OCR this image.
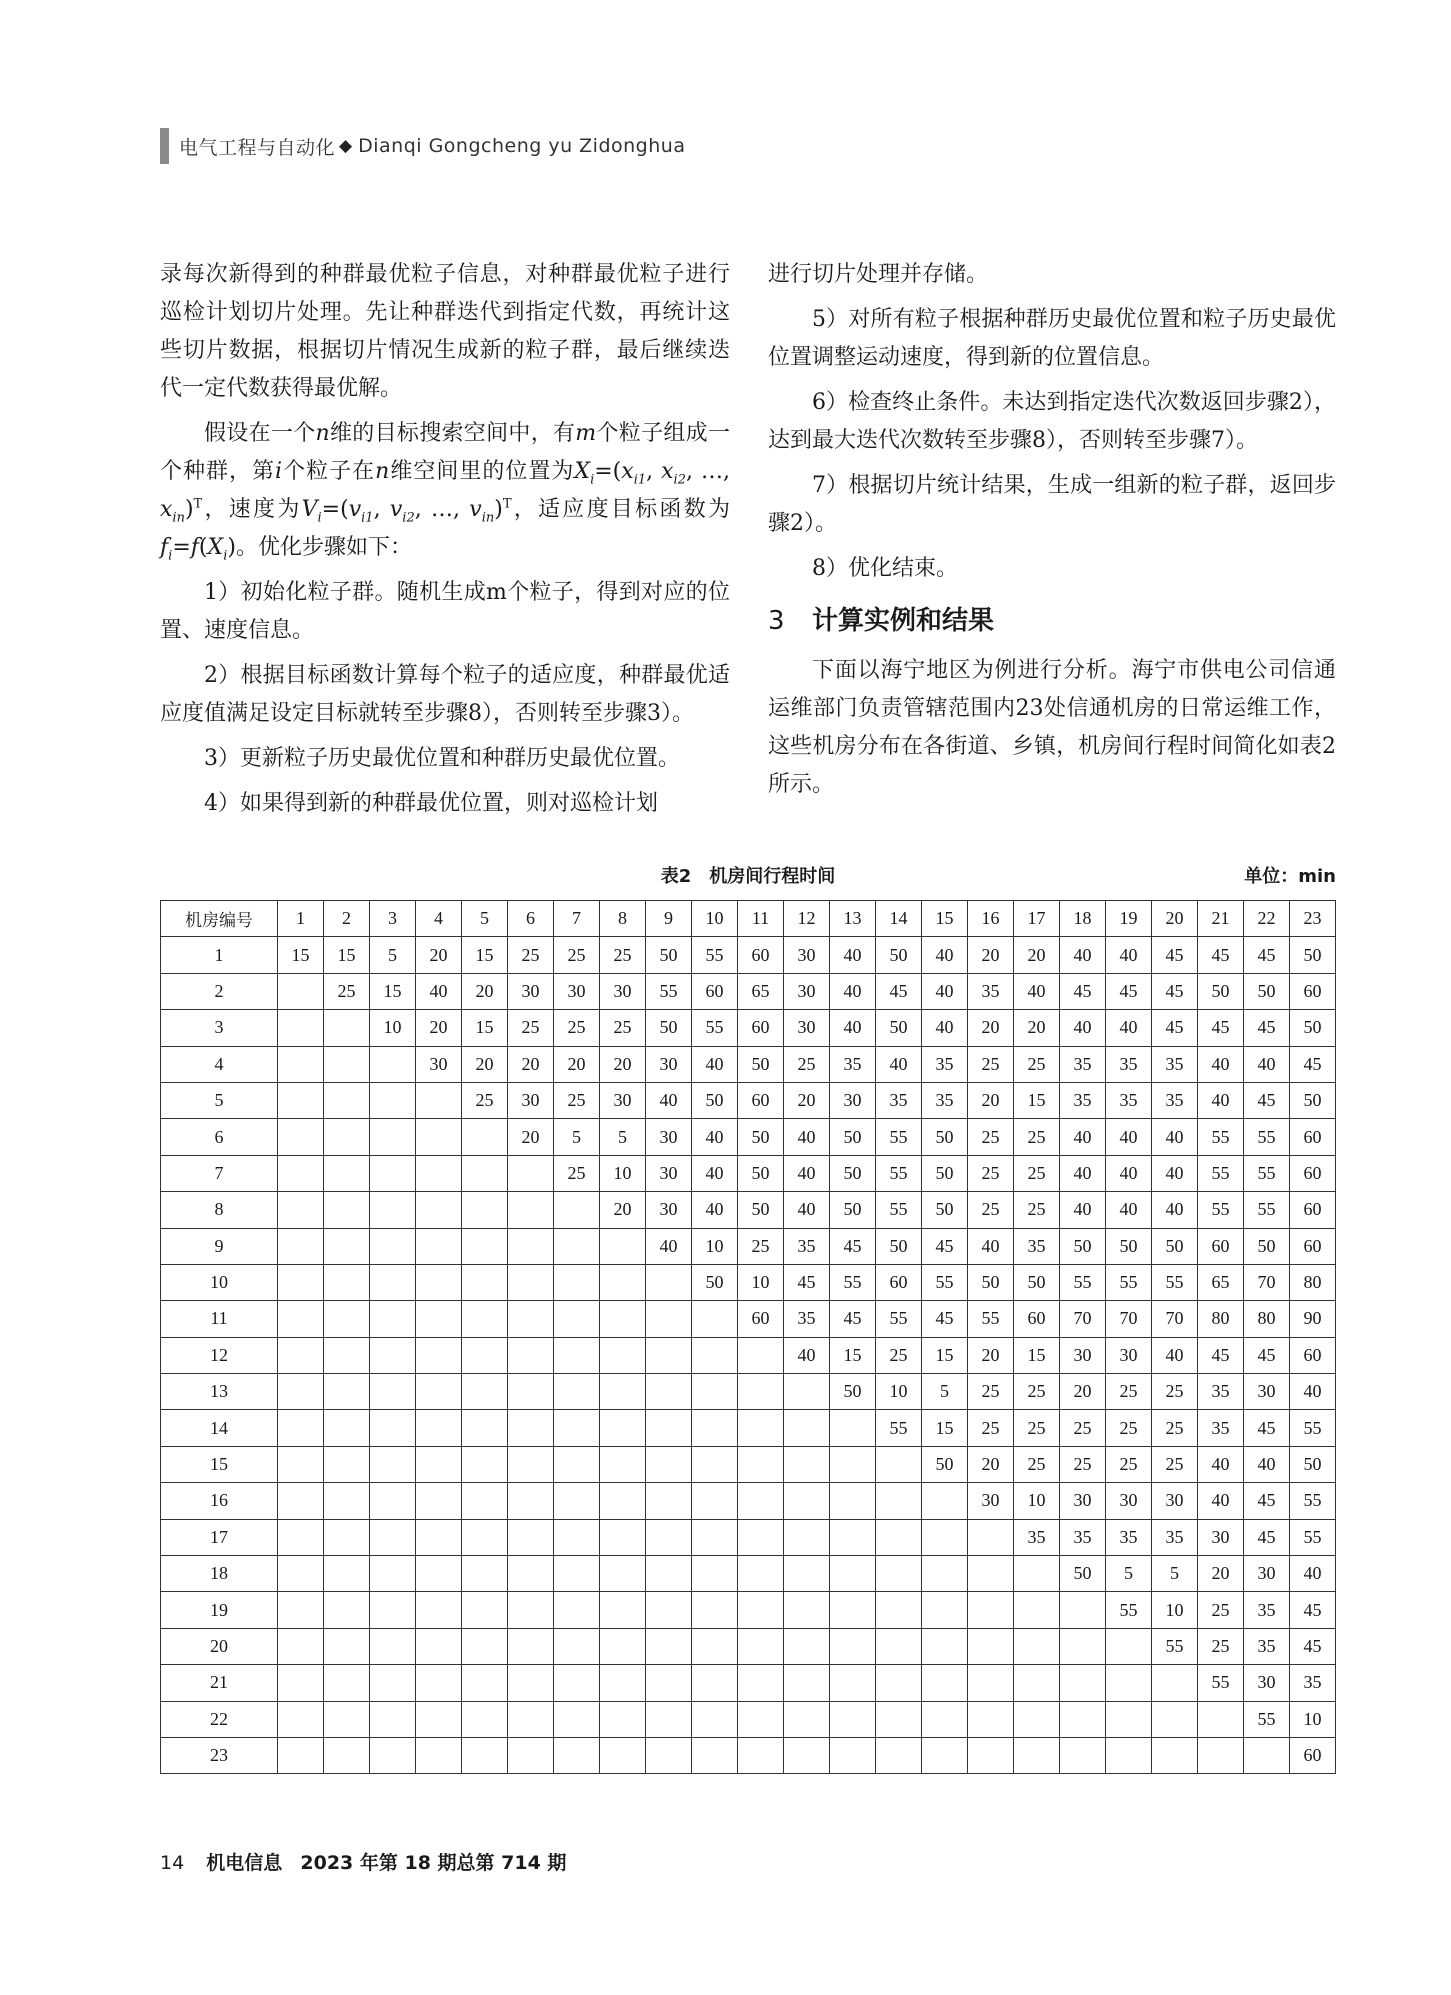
电气工程与自动化 ◆ Dianqi Gongcheng yu Zidonghua

录每次新得到的种群最优粒子信息，对种群最优粒子进行巡检计划切片处理。先让种群迭代到指定代数，再统计这些切片数据，根据切片情况生成新的粒子群，最后继续迭代一定代数获得最优解。

假设在一个n维的目标搜索空间中，有m个粒子组成一个种群，第i个粒子在n维空间里的位置为$X_i=(x_{i1}$, $x_{i2}$, …, $x_{in})^T$，速度为$V_i=(v_{i1}$, $v_{i2}$, …, $v_{in})^T$，适应度目标函数为$f_i=f(X_i)$。优化步骤如下：

1）初始化粒子群。随机生成m个粒子，得到对应的位置、速度信息。

2）根据目标函数计算每个粒子的适应度，种群最优适应度值满足设定目标就转至步骤8），否则转至步骤3）。

3）更新粒子历史最优位置和种群历史最优位置。

4）如果得到新的种群最优位置，则对巡检计划

进行切片处理并存储。

5）对所有粒子根据种群历史最优位置和粒子历史最优位置调整运动速度，得到新的位置信息。

6）检查终止条件。未达到指定迭代次数返回步骤2），达到最大迭代次数转至步骤8），否则转至步骤7）。

7）根据切片统计结果，生成一组新的粒子群，返回步骤2）。

8）优化结束。

3 计算实例和结果

下面以海宁地区为例进行分析。海宁市供电公司信通运维部门负责管辖范围内23处信通机房的日常运维工作，这些机房分布在各街道、乡镇，机房间行程时间简化如表2所示。

表2　机房间行程时间	单位：min
机房编号	1	2	3	4	5	6	7	8	9	10	11	12	13	14	15	16	17	18	19	20	21	22	23
1	15	15	5	20	15	25	25	25	50	55	60	30	40	50	40	20	20	40	40	45	45	45	50
2		25	15	40	20	30	30	30	55	60	65	30	40	45	40	35	40	45	45	45	50	50	60
3			10	20	15	25	25	25	50	55	60	30	40	50	40	20	20	40	40	45	45	45	50
4				30	20	20	20	20	30	40	50	25	35	40	35	25	25	35	35	35	40	40	45
5					25	30	25	30	40	50	60	20	30	35	35	20	15	35	35	35	40	45	50
6						20	5	5	30	40	50	40	50	55	50	25	25	40	40	40	55	55	60
7							25	10	30	40	50	40	50	55	50	25	25	40	40	40	55	55	60
8								20	30	40	50	40	50	55	50	25	25	40	40	40	55	55	60
9									40	10	25	35	45	50	45	40	35	50	50	50	60	50	60
10										50	10	45	55	60	55	50	50	55	55	55	65	70	80
11											60	35	45	55	45	55	60	70	70	70	80	80	90
12												40	15	25	15	20	15	30	30	40	45	45	60
13													50	10	5	25	25	20	25	25	35	30	40
14														55	15	25	25	25	25	25	35	45	55
15															50	20	25	25	25	25	40	40	50
16																30	10	30	30	30	40	45	55
17																	35	35	35	35	30	45	55
18																		50	5	5	20	30	40
19																			55	10	25	35	45
20																				55	25	35	45
21																					55	30	35
22																						55	10
23																							60
14 机电信息 2023 年第 18 期总第 714 期
